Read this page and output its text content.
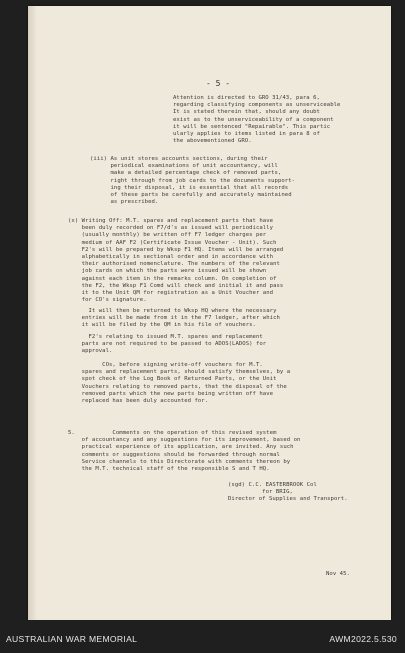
- 5 -
Attention is directed to GRO 31/43, para 6,
regarding classifying components as unserviceable
It is stated therein that, should any doubt
exist as to the unserviceability of a component
it will be sentenced "Repairable". This partic
ularly applies to items listed in para 8 of
the abovementioned GRO.
(iii) As unit stores accounts sections, during their
periodical examinations of unit accountancy, will
make a detailed percentage check of removed parts,
right through from job cards to the documents support-
ing their disposal, it is essential that all records
of these parts be carefully and accurately maintained
as prescribed.
(x) Writing Off: M.T. spares and replacement parts that have
been duly recorded on F7/d's as issued will periodically
(usually monthly) be written off F7 ledger charges per
medium of AAF F2 (Certificate Issue Voucher - Unit). Such
F2's will be prepared by Wksp F1 HQ. Items will be arranged
alphabetically in sectional order and in accordance with
their authorised nomenclature. The numbers of the relevant
job cards on which the parts were issued will be shown
against each item in the remarks column. On completion of
the F2, the Wksp F1 Comd will check and initial it and pass
it to the Unit QM for registration as a Unit Voucher and
for CO's signature.
It will then be returned to Wksp HQ where the necessary
entries will be made from it in the F7 ledger, after which
it will be filed by the QM in his file of vouchers.
F2's relating to issued M.T. spares and replacement
parts are not required to be passed to ADOS(LADOS) for
approval.
COs, before signing write-off vouchers for M.T.
spares and replacement parts, should satisfy themselves, by a
spot check of the Log Book of Returned Parts, or the Unit
Vouchers relating to removed parts, that the disposal of the
removed parts which the new parts being written off have
replaced has been duly accounted for.
5.           Comments on the operation of this revised system
of accountancy and any suggestions for its improvement, based on
practical experience of its application, are invited. Any such
comments or suggestions should be forwarded through normal
Service channels to this Directorate with comments thereon by
the M.T. technical staff of the responsible S and T HQ.
(sgd) C.C. EASTERBROOK Col
for BRIG,
Director of Supplies and Transport.
Nov 45.
AUSTRALIAN WAR MEMORIAL	AWM2022.5.530
